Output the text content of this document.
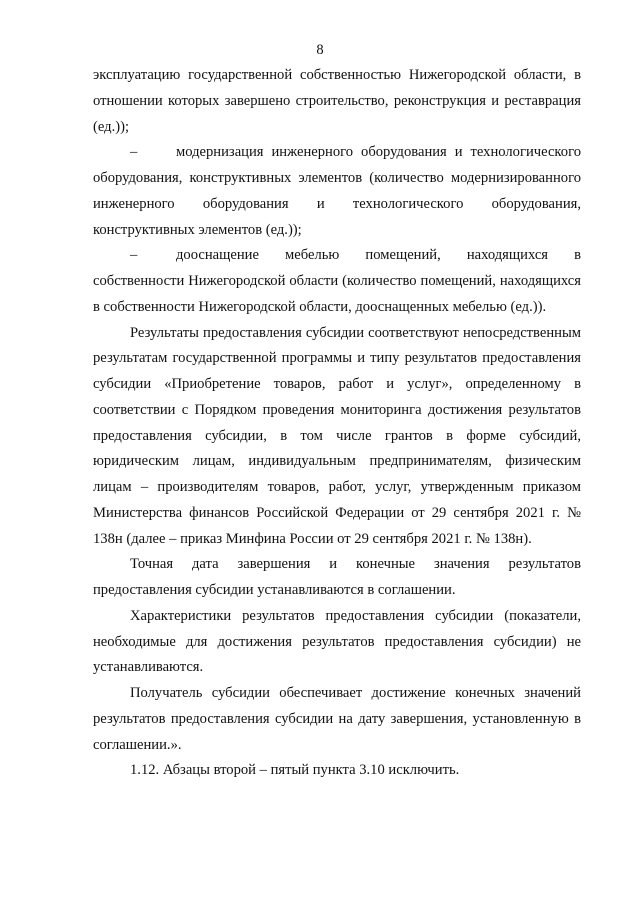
8

эксплуатацию государственной собственностью Нижегородской области, в отношении которых завершено строительство, реконструкция и реставрация (ед.));

–	модернизация инженерного оборудования и технологического оборудования, конструктивных элементов (количество модернизированного инженерного оборудования и технологического оборудования, конструктивных элементов (ед.));

–	дооснащение мебелью помещений, находящихся в собственности Нижегородской области (количество помещений, находящихся в собственности Нижегородской области, дооснащенных мебелью (ед.)).

Результаты предоставления субсидии соответствуют непосредственным результатам государственной программы и типу результатов предоставления субсидии «Приобретение товаров, работ и услуг», определенному в соответствии с Порядком проведения мониторинга достижения результатов предоставления субсидии, в том числе грантов в форме субсидий, юридическим лицам, индивидуальным предпринимателям, физическим лицам – производителям товаров, работ, услуг, утвержденным приказом Министерства финансов Российской Федерации от 29 сентября 2021 г. № 138н (далее – приказ Минфина России от 29 сентября 2021 г. № 138н).

Точная дата завершения и конечные значения результатов предоставления субсидии устанавливаются в соглашении.

Характеристики результатов предоставления субсидии (показатели, необходимые для достижения результатов предоставления субсидии) не устанавливаются.

Получатель субсидии обеспечивает достижение конечных значений результатов предоставления субсидии на дату завершения, установленную в соглашении.».

1.12. Абзацы второй – пятый пункта 3.10 исключить.
